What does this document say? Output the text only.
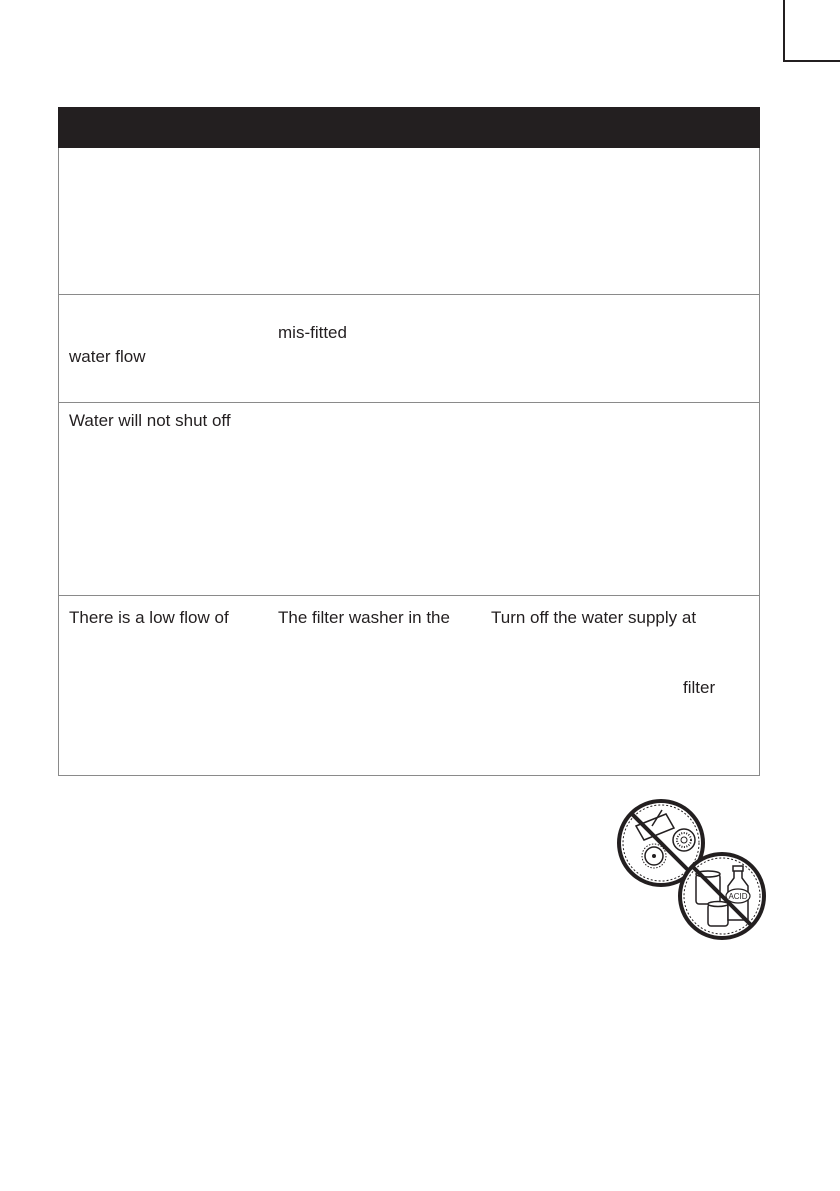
mis-fitted

water flow

Water will not shut off

There is a low flow of	The filter washer in the Turn off the water supply at

filter

ACID
